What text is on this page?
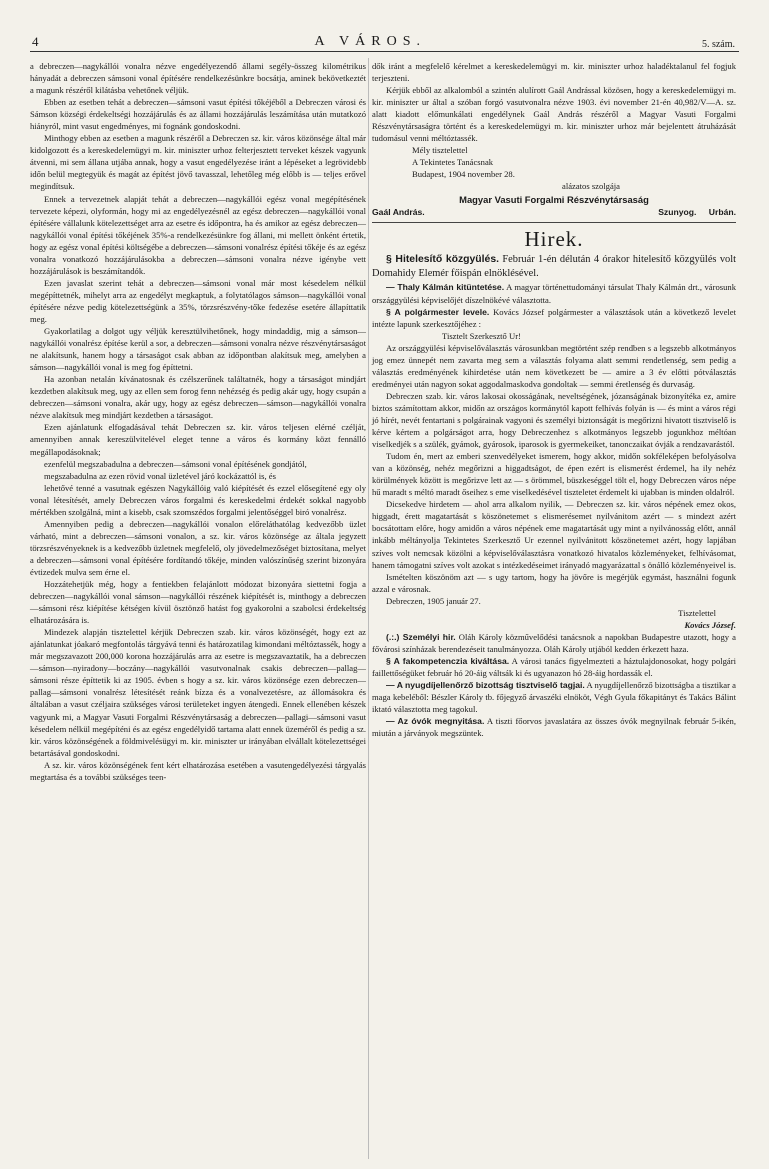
4	A VÁROS.	5. szám.

a debreczen—nagykállói vonalra nézve engedélyezendő állami segély-összeg kilométrikus hányadát a debreczen sámsoni vonal építésére rendelkezésünkre bocsátja, aminek bekövetkeztét a magunk részéről kilátásba vehetőnek véljük.

Ebben az esetben tehát a debreczen—sámsoni vasut építési tőkéjéből a Debreczen városi és Sámson községi érdekeltségi hozzájárulás és az állami hozzájárulás leszámítása után mutatkozó hiányról, mint vasut engedményes, mi fognánk gondoskodni.

Minthogy ebben az esetben a magunk részéről a Debreczen sz. kir. város közönsége által már kidolgozott és a kereskedelemügyi m. kir. miniszter urhoz felterjesztett terveket készek vagyunk átvenni, mi sem állana utjába annak, hogy a vasut engedélyezése iránt a lépéseket a legrövidebb időn belül megtegyük és magát az építést jövő tavasszal, lehetőleg még előbb is — teljes erővel megindítsuk.

Ennek a tervezetnek alapját tehát a debreczen—nagykállói egész vonal megépítésének tervezete képezi, olyformán, hogy mi az engedélyezésnél az egész debreczen—nagykállói vonal építésére vállalunk kötelezettséget arra az esetre és időpontra, ha és amikor az egész debreczen—nagykállói vonal építési tőkéjének 35%-a rendelkezésünkre fog állani, mi mellett önként értetik, hogy az egész vonal építési költségébe a debreczen—sámsoni vonalrész építési tőkéje és az egész vonalra vonatkozó hozzájárulásokba a debreczen—sámsoni vonalra nézve igénybe vett hozzájárulások is beszámítandók.

Ezen javaslat szerint tehát a debreczen—sámsoni vonal már most késedelem nélkül megépíttetnék, mihelyt arra az engedélyt megkaptuk, a folytatólagos sámson—nagykállói vonal építésére nézve pedig kötelezettségünk a 35%, törzsrészvény-tőke fedezése esetére állapíttatik meg.

Gyakorlatilag a dolgot ugy véljük keresztülvihetőnek, hogy mindaddig, mig a sámson—nagykállói vonalrész építése kerül a sor, a debreczen—sámsoni vonalra nézve részvénytársaságot ne alakítsunk, hanem hogy a társaságot csak abban az időpontban alakítsuk meg, amelyben a sámson—nagykállói vonal is meg fog építtetni.

Ha azonban netalán kívánatosnak és czélszerűnek találtatnék, hogy a társaságot mindjárt kezdetben alakítsuk meg, ugy az ellen sem forog fenn nehézség és pedig akár ugy, hogy csupán a debreczen—sámsoni vonalra, akár ugy, hogy az egész debreczen—sámson—nagykállói vonalra nézve alakítsuk meg mindjárt kezdetben a társaságot.

Ezen ajánlatunk elfogadásával tehát Debreczen sz. kir. város teljesen elérné czélját, amennyiben annak kereszülvitelével eleget tenne a város és kormány közt fennálló megállapodásoknak;

ezenfelül megszabadulna a debreczen—sámsoni vonal építésének gondjától,

megszabadulna az ezen rövid vonal üzletével járó kockázattól is, és

lehetővé tenné a vasutnak egészen Nagykállóig való kiépítését és ezzel elősegítené egy oly vonal létesítését, amely Debreczen város forgalmi és kereskedelmi érdekét sokkal nagyobb mértékben szolgálná, mint a kisebb, csak szomszédos forgalmi jelentőséggel biró vonalrész.

Amennyiben pedig a debreczen—nagykállói vonalon előreláthatólag kedvezőbb üzlet várható, mint a debreczen—sámsoni vonalon, a sz. kir. város közönsége az általa jegyzett törzsrészvényeknek is a kedvezőbb üzletnek megfelelő, oly jövedelmezőséget biztosítana, melyet a debreczen—sámsoni vonal építésére fordítandó tőkéje, minden valószínűség szerint bizonyára évtizedek mulva sem érne el.

Hozzátehetjük még, hogy a fentiekben felajánlott módozat bizonyára siettetni fogja a debreczen—nagykállói vonal sámson—nagykállói részének kiépítését is, minthogy a debreczen—sámsoni rész kiépítése kétségen kívül ösztönző hatást fog gyakorolni a szabolcsi érdekeltség elhatározására is.

Mindezek alapján tisztelettel kérjük Debreczen szab. kir. város közönségét, hogy ezt az ajánlatunkat jóakaró megfontolás tárgyává tenni és határozatilag kimondani méltóztassék, hogy a már megszavazott 200,000 korona hozzájárulás arra az esetre is megszavaztatik, ha a debreczen—sámson—nyiradony—boczány—nagykállói vasutvonalnak csakis debreczen—pallag—sámsoni része építtetik ki az 1905. évben s hogy a sz. kir. város közönsége ezen debreczen—pallag—sámsoni vonalrész létesítését reánk bízza és a vonalvezetésre, az állomásokra és általában a vasut czéljaira szükséges városi területeket ingyen átengedi. Ennek ellenében készek vagyunk mi, a Magyar Vasuti Forgalmi Részvénytársaság a debreczen—pallagi—sámsoni vasut késedelem nélkül megépíténi és az egész engedélyidő tartama alatt ennek üzeméről és pedig a sz. kir. város közönségének a földmivelésügyi m. kir. miniszter ur irányában elvállalt kötelezettségei betartásával gondoskodni.

A sz. kir. város közönségének fent kért elhatározása esetében a vasutengedélyezési tárgyalás megtartása és a további szükséges teen-

dők iránt a megfelelő kérelmet a kereskedelemügyi m. kir. miniszter urhoz haladéktalanul fel fogjuk terjeszteni.

Kérjük ebből az alkalomból a szintén alulírott Gaál Andrással közösen, hogy a kereskedelemügyi m. kir. miniszter ur által a szóban forgó vasutvonalra nézve 1903. évi november 21-én 40,982/V—A. sz. alatt kiadott előmunkálati engedélynek Gaál András részéről a Magyar Vasuti Forgalmi Részvénytársaságra történt és a kereskedelemügyi m. kir. miniszter urhoz már bejelentett átruházását tudomásul venni méltóztassék.

Mély tisztelettel

A Tekintetes Tanácsnak

Budapest, 1904 november 28.

alázatos szolgája

Magyar Vasuti Forgalmi Részvénytársaság
Gaál András.	Szunyog. Urbán.
Hirek.

§ Hitelesítő közgyülés. Február 1-én délután 4 órakor hitelesítő közgyülés volt Domahidy Elemér főispán elnöklésével.

— Thaly Kálmán kitüntetése. A magyar történettudományi társulat Thaly Kálmán drt., városunk országgyülési képviselőjét díszelnökévé választotta.

§ A polgármester levele. Kovács József polgármester a választások után a következő levelet intézte lapunk szerkesztőjéhez :

Tisztelt Szerkesztő Ur!

Az országgyülési képviselőválasztás városunkban megtörtént szép rendben s a legszebb alkotmányos jog emez ünnepét nem zavarta meg sem a választás folyama alatt semmi rendetlenség, sem pedig a választás eredményének kihirdetése után nem következett be — amire a 3 év előtti pótválasztás eredményei után nagyon sokat aggodalmaskodva gondoltak — semmi éretlenség és durvaság.

Debreczen szab. kir. város lakosai okosságának, neveltségének, józanságának bizonyítéka ez, amire biztos számítottam akkor, midőn az országos kormánytól kapott felhívás folyán is — és mint a város régi jó hírét, nevét fentartani s polgárainak vagyoni és személyi biztonságát is megőrizni hivatott tisztviselő is kérve kértem a polgárságot arra, hogy Debreczenhez s alkotmányos legszebb jogunkhoz méltóan viselkedjék s a szülék, gyámok, gyárosok, iparosok is gyermekeiket, tanonczaikat óvják a rendzavarástól.

Tudom én, mert az emberi szenvedélyeket ismerem, hogy akkor, midőn sokféleképen befolyásolva van a közönség, nehéz megőrizni a higgadtságot, de épen ezért is elismerést érdemel, ha ily nehéz körülmények között is megőrizve lett az — s örömmel, büszkeséggel tölt el, hogy Debreczen város népe hű maradt s méltó maradt őseihez s eme viselkedésével tiszteletet érdemelt ki ujabban is minden oldalról.

Dicsekedve hirdetem — ahol arra alkalom nyilik, — Debreczen sz. kir. város népének emez okos, higgadt, érett magatartását s köszönetemet s elismerésemet nyilvánitom azért — s mindezt azért bocsátottam előre, hogy amidőn a város népének eme magatartását ugy mint a nyilvánosság előtt, annál inkább méltányolja Tekintetes Szerkesztő Ur ezennel nyilvánitott köszönetemet azért, hogy lapjában szíves volt nemcsak közölni a képviselőválasztásra vonatkozó hivatalos közleményeket, felhívásomat, hanem támogatni szíves volt azokat s intézkedéseimet irányadó magyarázattal s önálló közleményeivel is.

Ismételten köszönöm azt — s ugy tartom, hogy ha jövőre is megérjük egymást, használni fogunk azzal e városnak.

Debreczen, 1905 január 27.

Tisztelettel

Kovács József.

(.:.) Személyi hir. Oláh Károly közművelődési tanácsnok a napokban Budapestre utazott, hogy a fővárosi színházak berendezéseit tanulmányozza. Oláh Károly utjából kedden érkezett haza.

§ A fakompetenczia kiváltása. A városi tanács figyelmezteti a háztulajdonosokat, hogy polgári faillettőségüket február hó 20-áig váltsák ki és ugyanazon hó 28-áig hordassák el.

— A nyugdíjellenőrző bizottság tisztviselő tagjai. A nyugdíjellenőrző bizottságba a tisztikar a maga kebeléből: Bészler Károly tb. főjegyző árvaszéki elnököt, Végh Gyula főkapitányt és Takács Bálint iktató választotta meg tagokul.

— Az óvók megnyitása. A tiszti főorvos javaslatára az összes óvók megnyilnak február 5-ikén, miután a járványok megszüntek.
